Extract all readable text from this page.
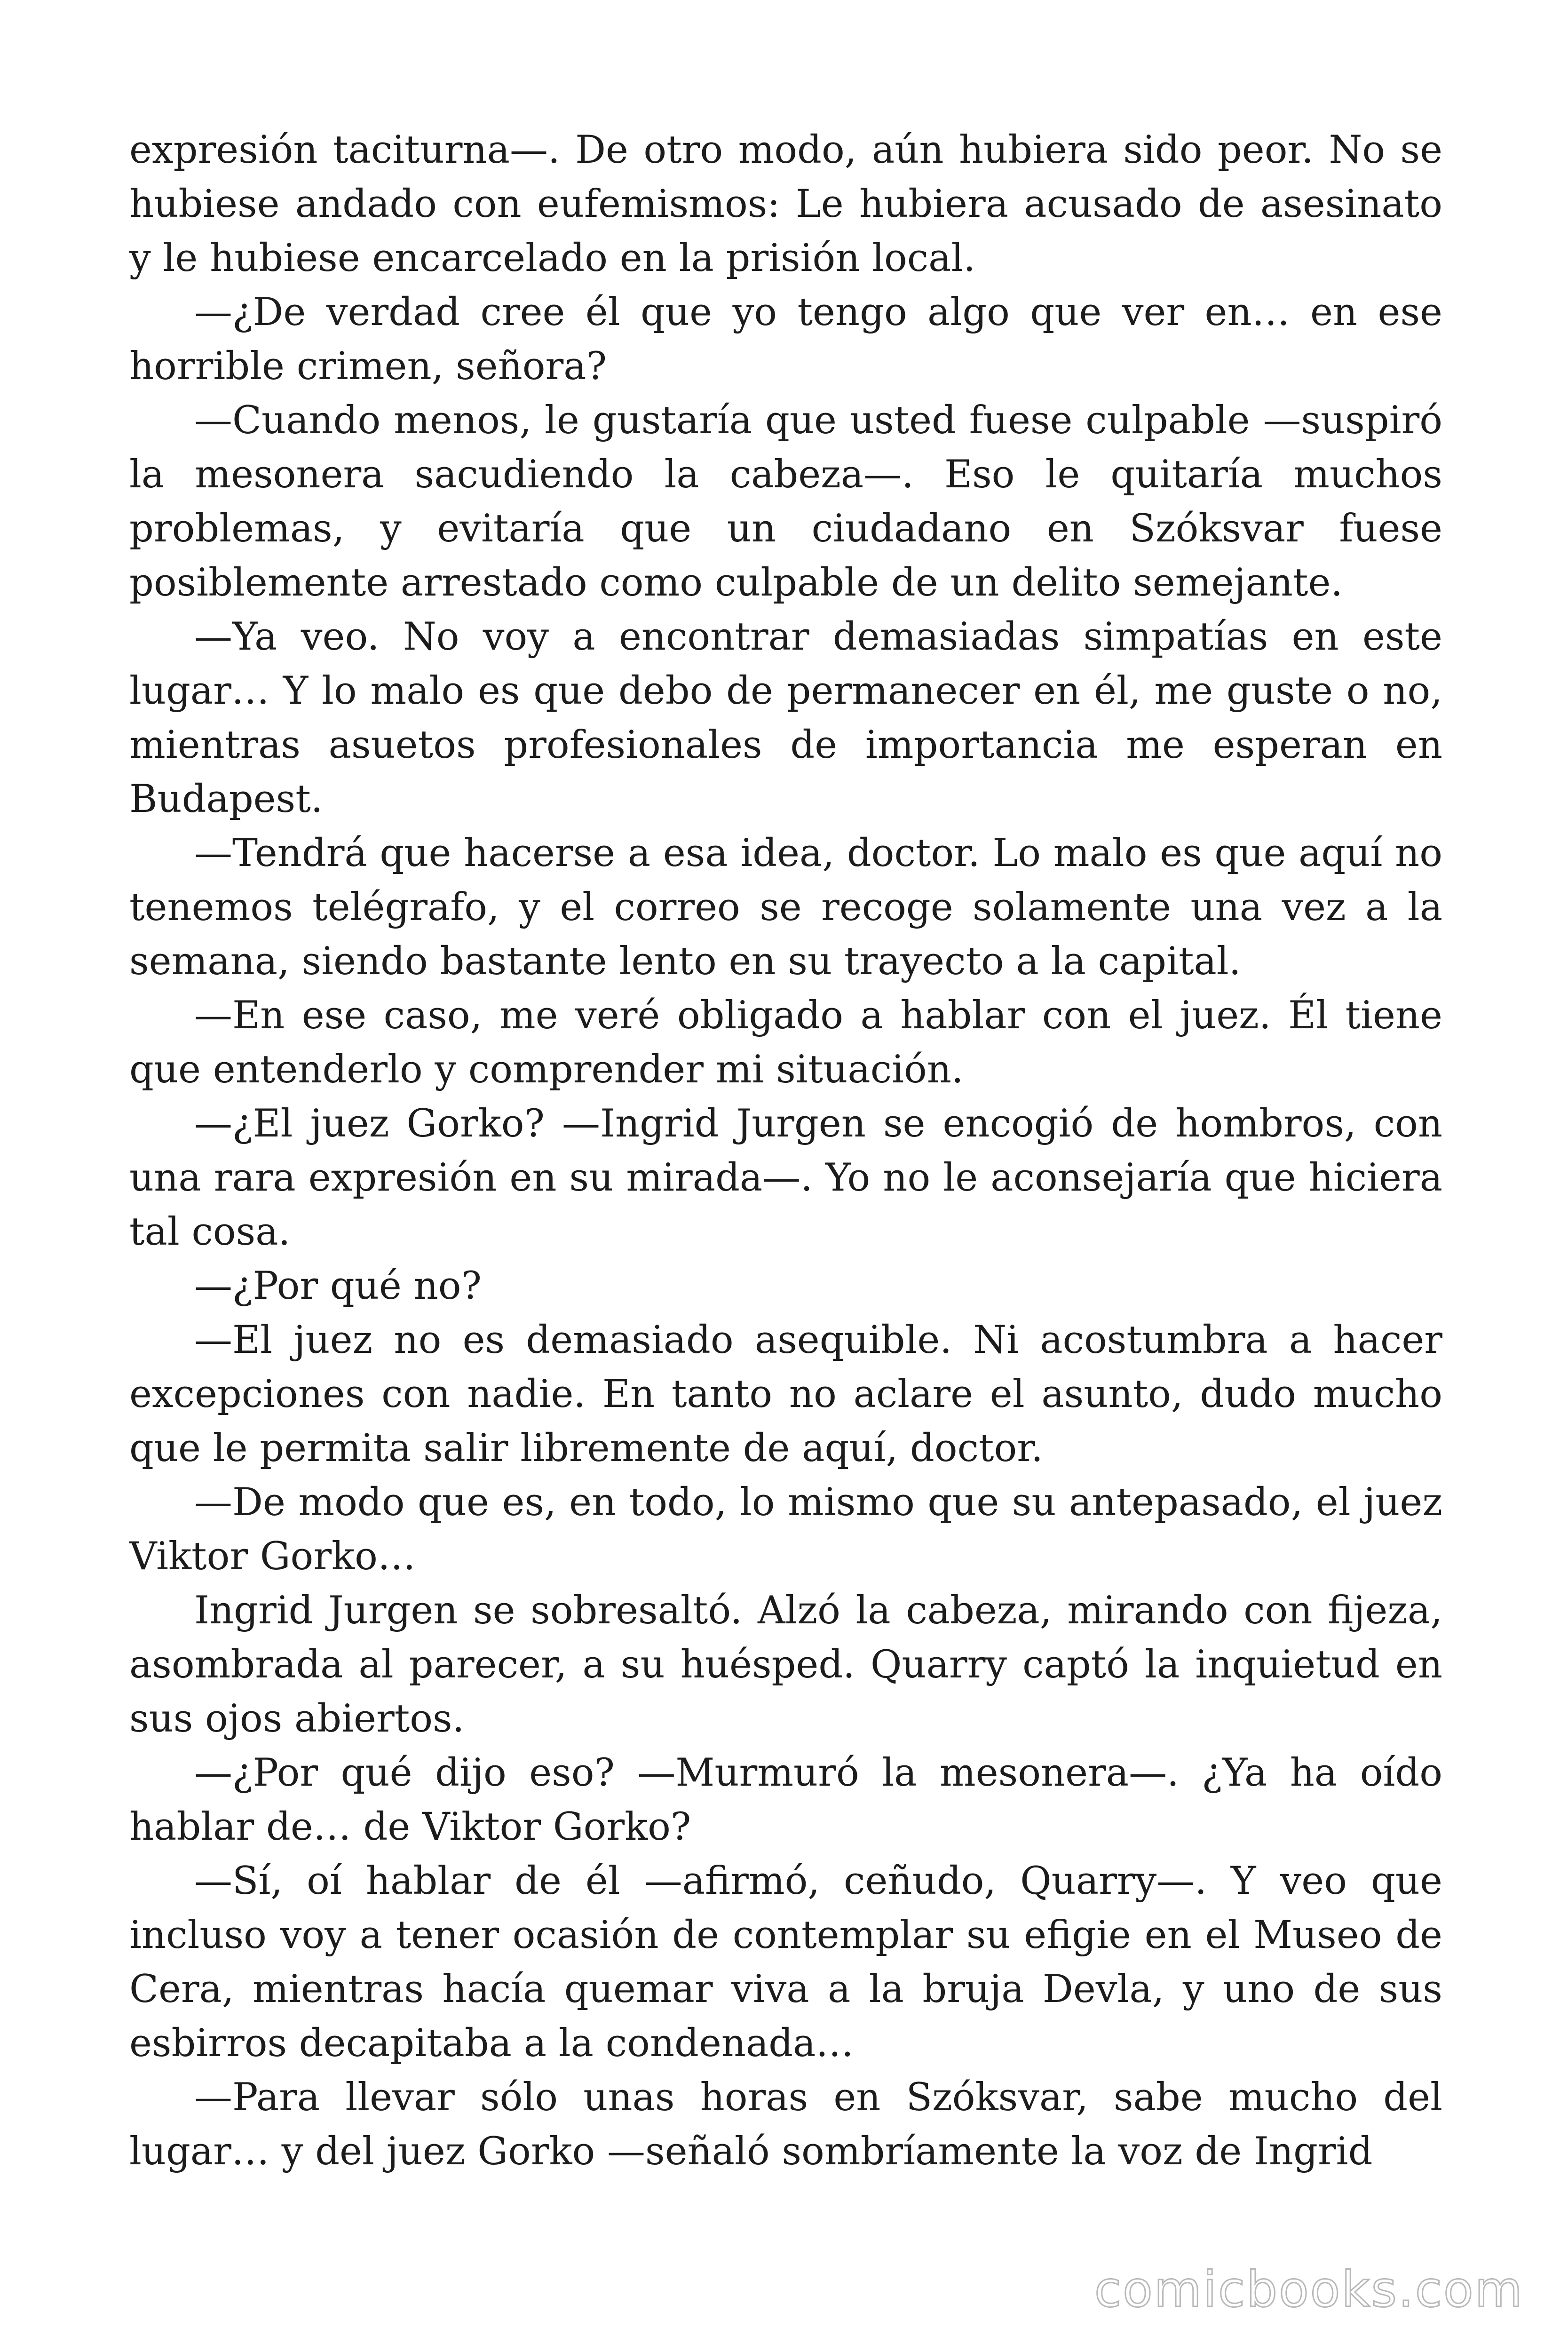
expresión taciturna—. De otro modo, aún hubiera sido peor. No se hubiese andado con eufemismos: Le hubiera acusado de asesinato y le hubiese encarcelado en la prisión local.

—¿De verdad cree él que yo tengo algo que ver en… en ese horrible crimen, señora?

—Cuando menos, le gustaría que usted fuese culpable —suspiró la mesonera sacudiendo la cabeza—. Eso le quitaría muchos problemas, y evitaría que un ciudadano en Szóksvar fuese posiblemente arrestado como culpable de un delito semejante.

—Ya veo. No voy a encontrar demasiadas simpatías en este lugar… Y lo malo es que debo de permanecer en él, me guste o no, mientras asuetos profesionales de importancia me esperan en Budapest.

—Tendrá que hacerse a esa idea, doctor. Lo malo es que aquí no tenemos telégrafo, y el correo se recoge solamente una vez a la semana, siendo bastante lento en su trayecto a la capital.

—En ese caso, me veré obligado a hablar con el juez. Él tiene que entenderlo y comprender mi situación.

—¿El juez Gorko? —Ingrid Jurgen se encogió de hombros, con una rara expresión en su mirada—. Yo no le aconsejaría que hiciera tal cosa.

—¿Por qué no?

—El juez no es demasiado asequible. Ni acostumbra a hacer excepciones con nadie. En tanto no aclare el asunto, dudo mucho que le permita salir libremente de aquí, doctor.

—De modo que es, en todo, lo mismo que su antepasado, el juez Viktor Gorko…

Ingrid Jurgen se sobresaltó. Alzó la cabeza, mirando con fijeza, asombrada al parecer, a su huésped. Quarry captó la inquietud en sus ojos abiertos.

—¿Por qué dijo eso? —Murmuró la mesonera—. ¿Ya ha oído hablar de… de Viktor Gorko?

—Sí, oí hablar de él —afirmó, ceñudo, Quarry—. Y veo que incluso voy a tener ocasión de contemplar su efigie en el Museo de Cera, mientras hacía quemar viva a la bruja Devla, y uno de sus esbirros decapitaba a la condenada…

—Para llevar sólo unas horas en Szóksvar, sabe mucho del lugar… y del juez Gorko —señaló sombríamente la voz de Ingrid

comicbooks.com
